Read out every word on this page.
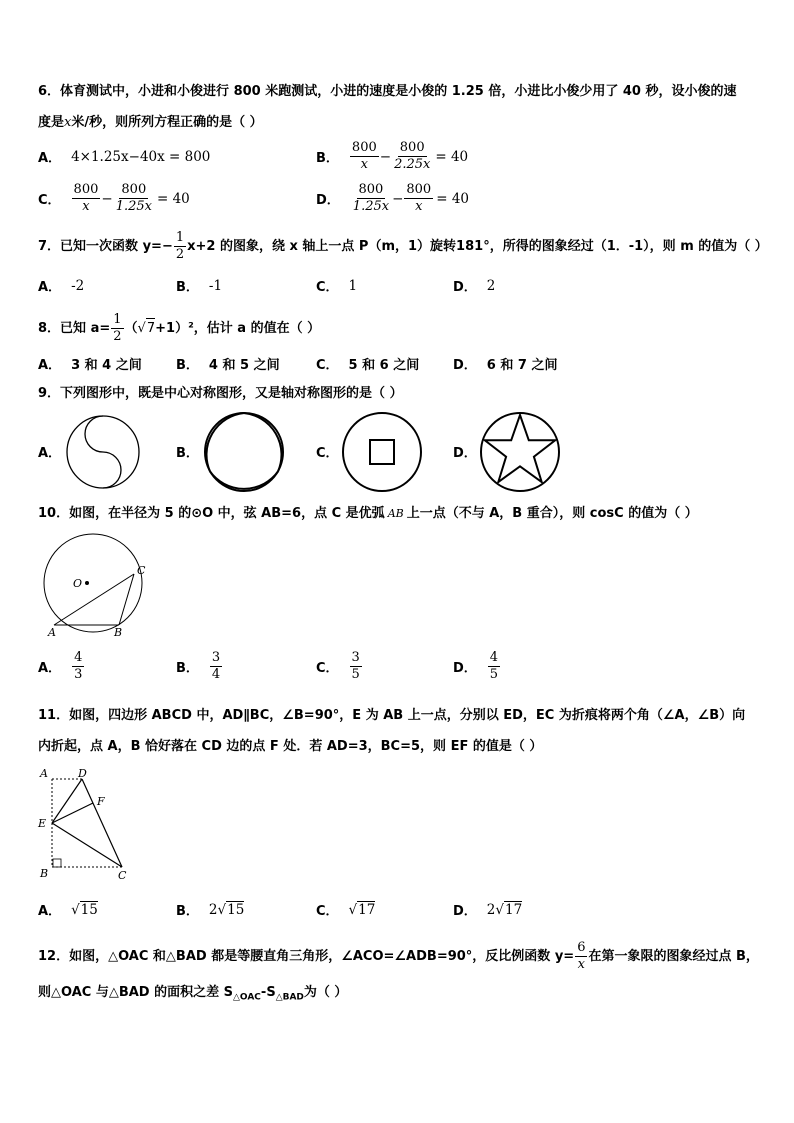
6．体育测试中，小进和小俊进行 800 米跑测试，小进的速度是小俊的 1.25 倍，小进比小俊少用了 40 秒，设小俊的速
度是x米/秒，则所列方程正确的是（ ）
A． 4×1.25x−40x = 800	B． $\frac{800}{x} - \frac{800}{2.25x} = 40$
C． $\frac{800}{x} - \frac{800}{1.25x} = 40$	D． $\frac{800}{1.25x} - \frac{800}{x} = 40$
7．已知一次函数 $y=- \frac{1}{2} x+2$ 的图象，绕 x 轴上一点 P（m，1）旋转181°，所得的图象经过（1．-1），则 m 的值为（ ）
A． -2	B． -1	C． 1	D． 2
8．已知 $a= \frac{1}{2}$ （ √ 7 +1）²，估计 a 的值在（ ）
A． 3 和 4 之间	B． 4 和 5 之间	C． 5 和 6 之间	D． 6 和 7 之间
9．下列图形中，既是中心对称图形，又是轴对称图形的是（ ）
A．	B．	C．	D．
10．如图，在半径为 5 的⊙O 中，弦 AB=6，点 C 是优弧 AB 上一点（不与 A，B 重合），则 cosC 的值为（ ）
O
C
A	B
A． $\frac{4}{3}$	B． $\frac{3}{4}$	C． $\frac{3}{5}$	D． $\frac{4}{5}$
11．如图，四边形 ABCD 中，AD∥BC，∠B=90°，E 为 AB 上一点，分别以 ED，EC 为折痕将两个角（∠A，∠B）向
内折起，点 A，B 恰好落在 CD 边的点 F 处．若 AD=3，BC=5，则 EF 的值是（ ）
A	D
F
E
B	C
A． √ 15	B． 2 √ 15	C． √ 17	D． 2 √ 17
12．如图，△OAC 和△BAD 都是等腰直角三角形，∠ACO=∠ADB=90°，反比例函数 $y= \frac{6}{x}$ 在第一象限的图象经过点 B，
则△OAC 与△BAD 的面积之差 $S_{\triangle OAC}-S_{\triangle BAD}$为（ ）
